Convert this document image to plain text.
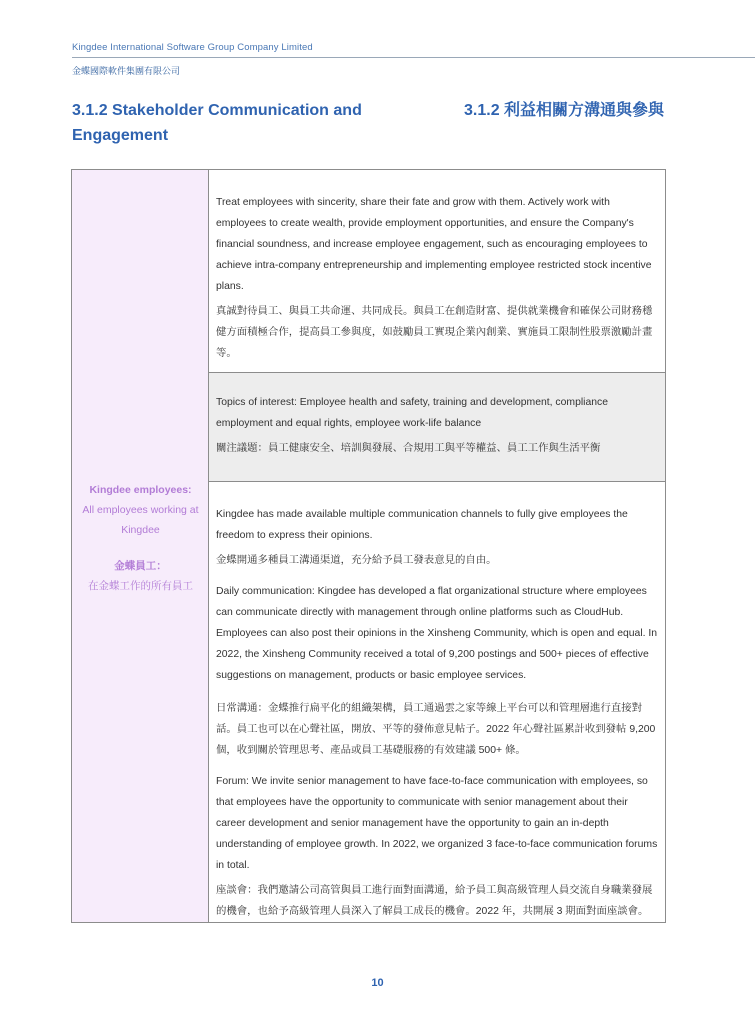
Kingdee International Software Group Company Limited
金蝶國際軟件集團有限公司
3.1.2 Stakeholder Communication and Engagement
3.1.2 利益相關方溝通與參與
Kingdee employees:
All employees working at Kingdee
金蝶員工：
在金蝶工作的所有員工

Treat employees with sincerity, share their fate and grow with them. Actively work with employees to create wealth, provide employment opportunities, and ensure the Company's financial soundness, and increase employee engagement, such as encouraging employees to achieve intra-company entrepreneurship and implementing employee restricted stock incentive plans.

真誠對待員工、與員工共命運、共同成長。與員工在創造財富、提供就業機會和確保公司財務穩健方面積極合作，提高員工參與度，如鼓勵員工實現企業內創業、實施員工限制性股票激勵計畫等。

Topics of interest: Employee health and safety, training and development, compliance employment and equal rights, employee work-life balance

關注議題：員工健康安全、培訓與發展、合規用工與平等權益、員工工作與生活平衡

Kingdee has made available multiple communication channels to fully give employees the freedom to express their opinions.

金蝶開通多種員工溝通渠道，充分給予員工發表意見的自由。

Daily communication: Kingdee has developed a flat organizational structure where employees can communicate directly with management through online platforms such as CloudHub. Employees can also post their opinions in the Xinsheng Community, which is open and equal. In 2022, the Xinsheng Community received a total of 9,200 postings and 500+ pieces of effective suggestions on management, products or basic employee services.

日常溝通：金蝶推行扁平化的組織架構，員工通過雲之家等線上平台可以和管理層進行直接對話。員工也可以在心聲社區，開放、平等的發佈意見帖子。2022 年心聲社區累計收到發帖 9,200 個，收到關於管理思考、產品或員工基礎服務的有效建議 500+ 條。

Forum: We invite senior management to have face-to-face communication with employees, so that employees have the opportunity to communicate with senior management about their career development and senior management have the opportunity to gain an in-depth understanding of employee growth. In 2022, we organized 3 face-to-face communication forums in total.

座談會：我們邀請公司高管與員工進行面對面溝通，給予員工與高級管理人員交流自身職業發展的機會，也給予高級管理人員深入了解員工成長的機會。2022 年，共開展 3 期面對面座談會。

10
